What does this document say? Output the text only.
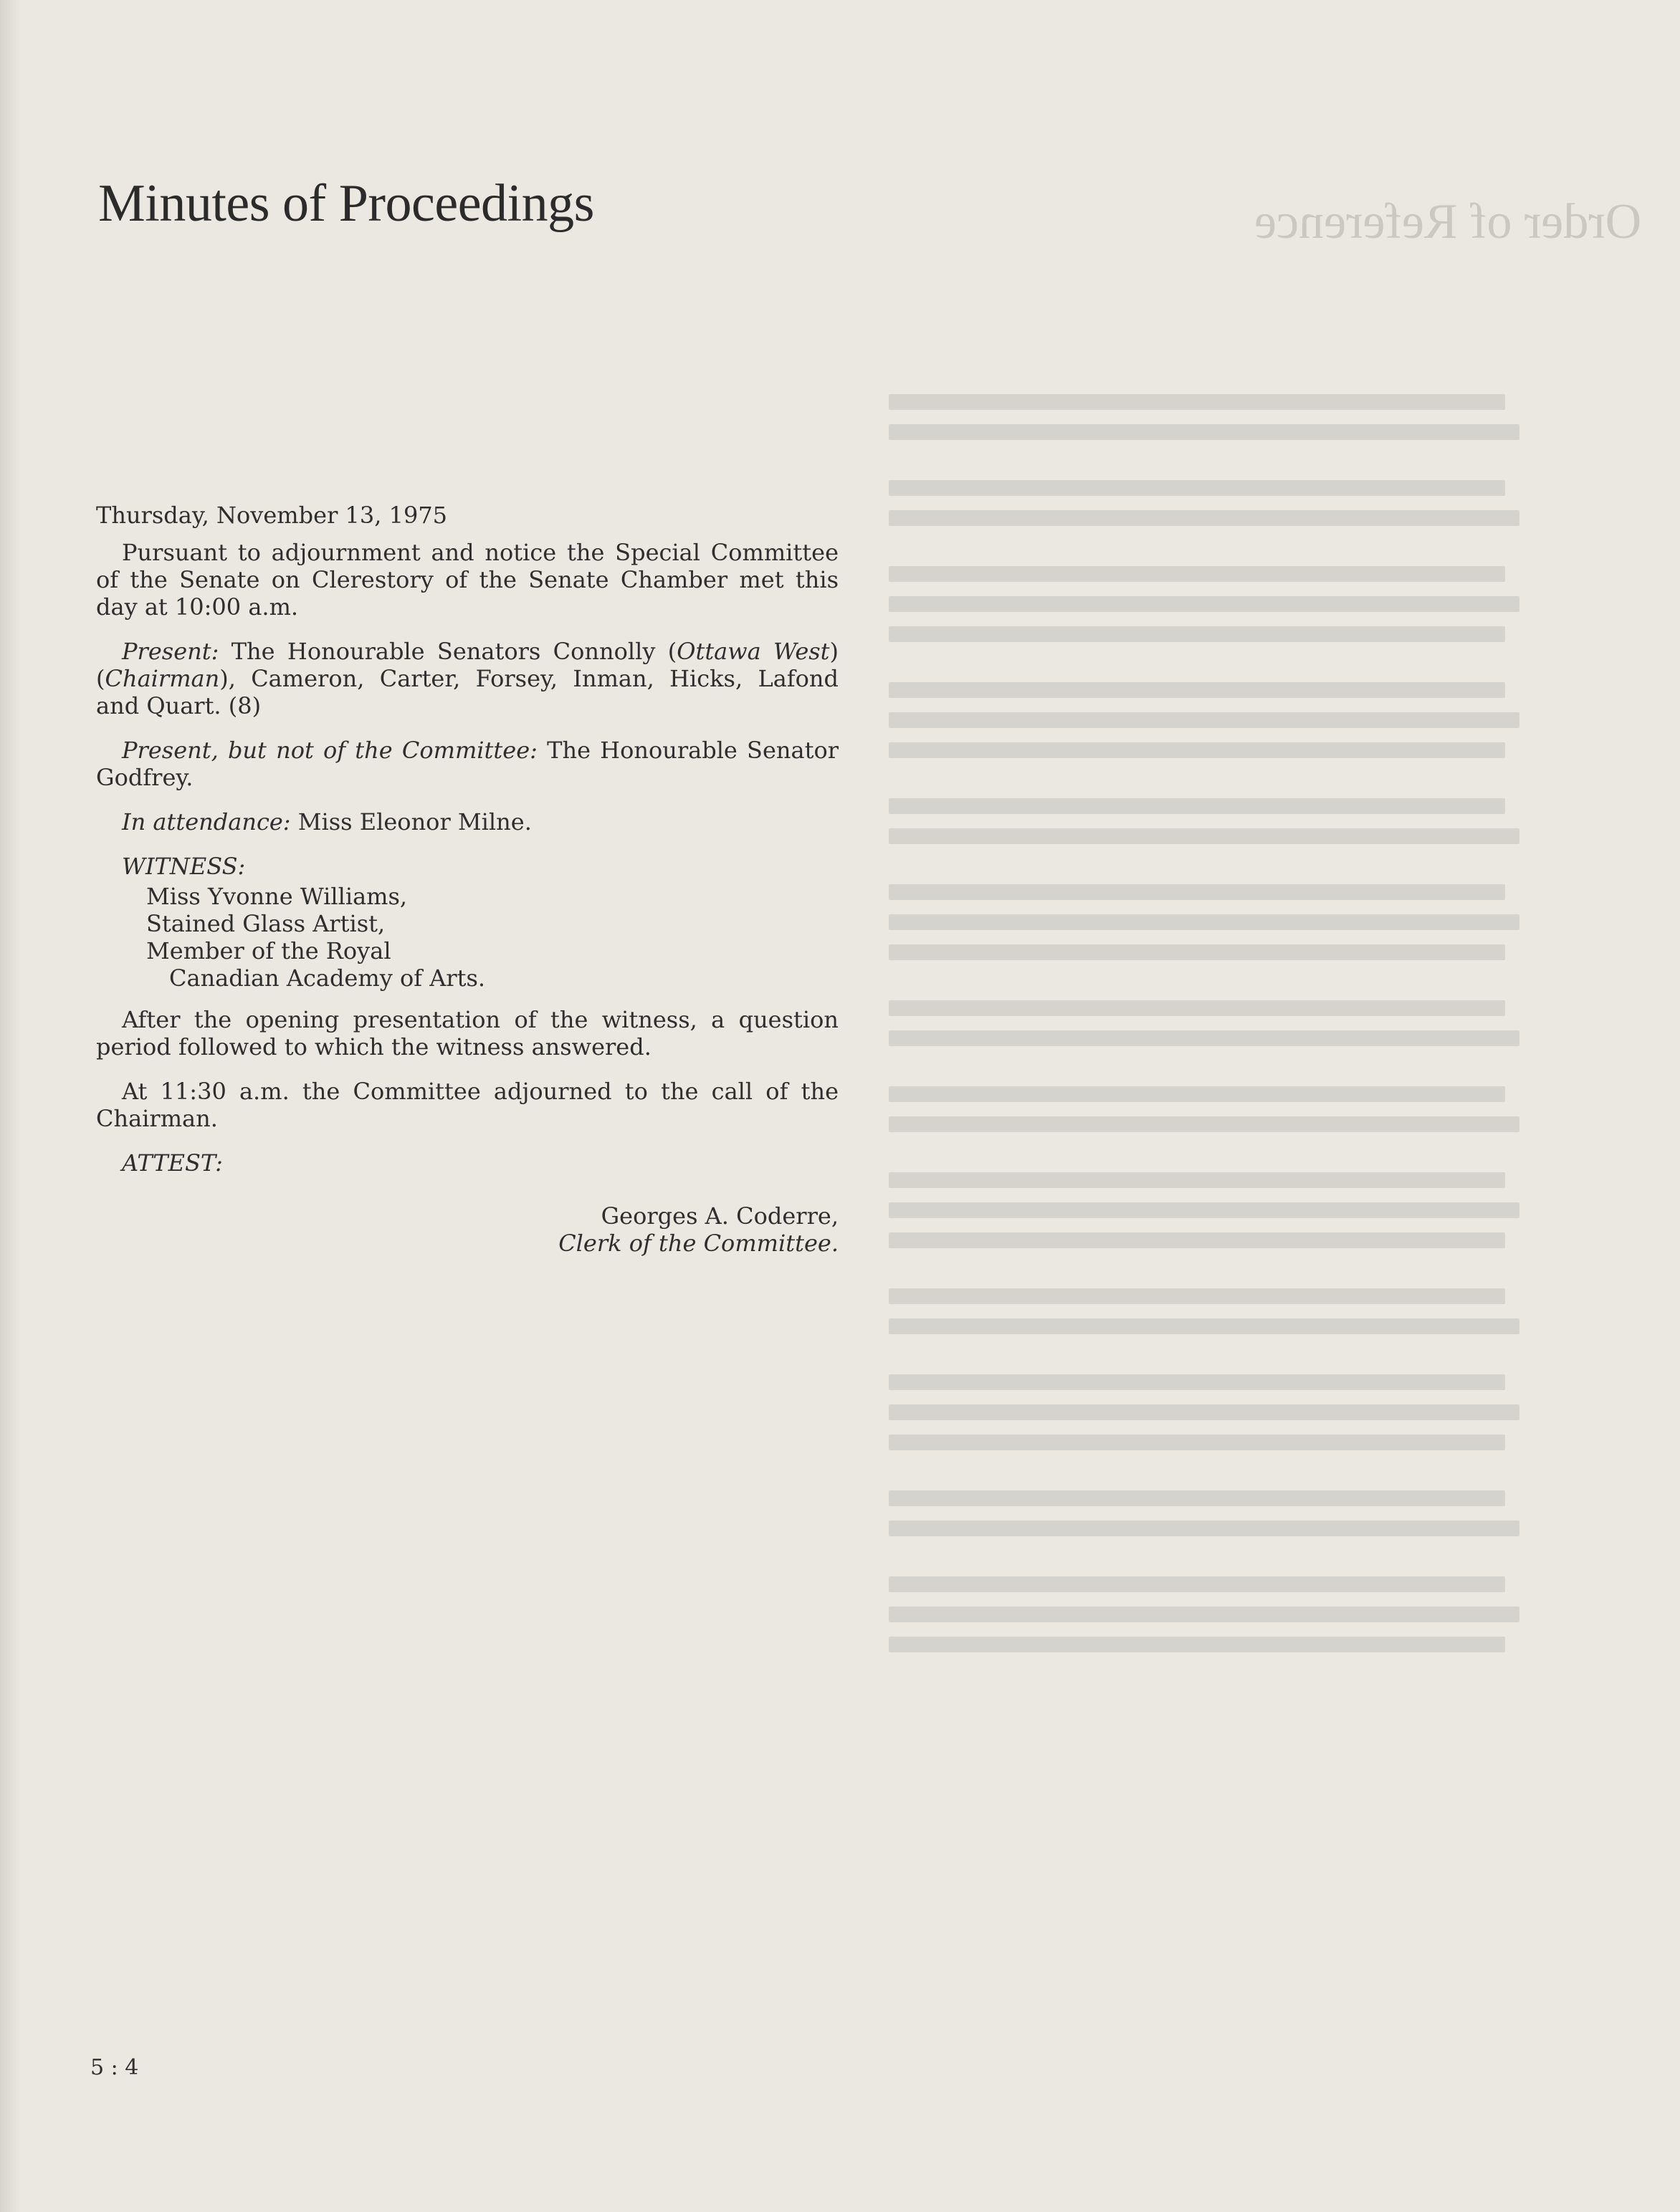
Order of Reference
Minutes of Proceedings

Thursday, November 13, 1975

Pursuant to adjournment and notice the Special Committee of the Senate on Clerestory of the Senate Chamber met this day at 10:00 a.m.

Present: The Honourable Senators Connolly (Ottawa West) (Chairman), Cameron, Carter, Forsey, Inman, Hicks, Lafond and Quart. (8)

Present, but not of the Committee: The Honourable Senator Godfrey.

In attendance: Miss Eleonor Milne.

WITNESS:

Miss Yvonne Williams,
Stained Glass Artist,
Member of the Royal
Canadian Academy of Arts.

After the opening presentation of the witness, a question period followed to which the witness answered.

At 11:30 a.m. the Committee adjourned to the call of the Chairman.

ATTEST:

Georges A. Coderre,
Clerk of the Committee.
5 : 4
